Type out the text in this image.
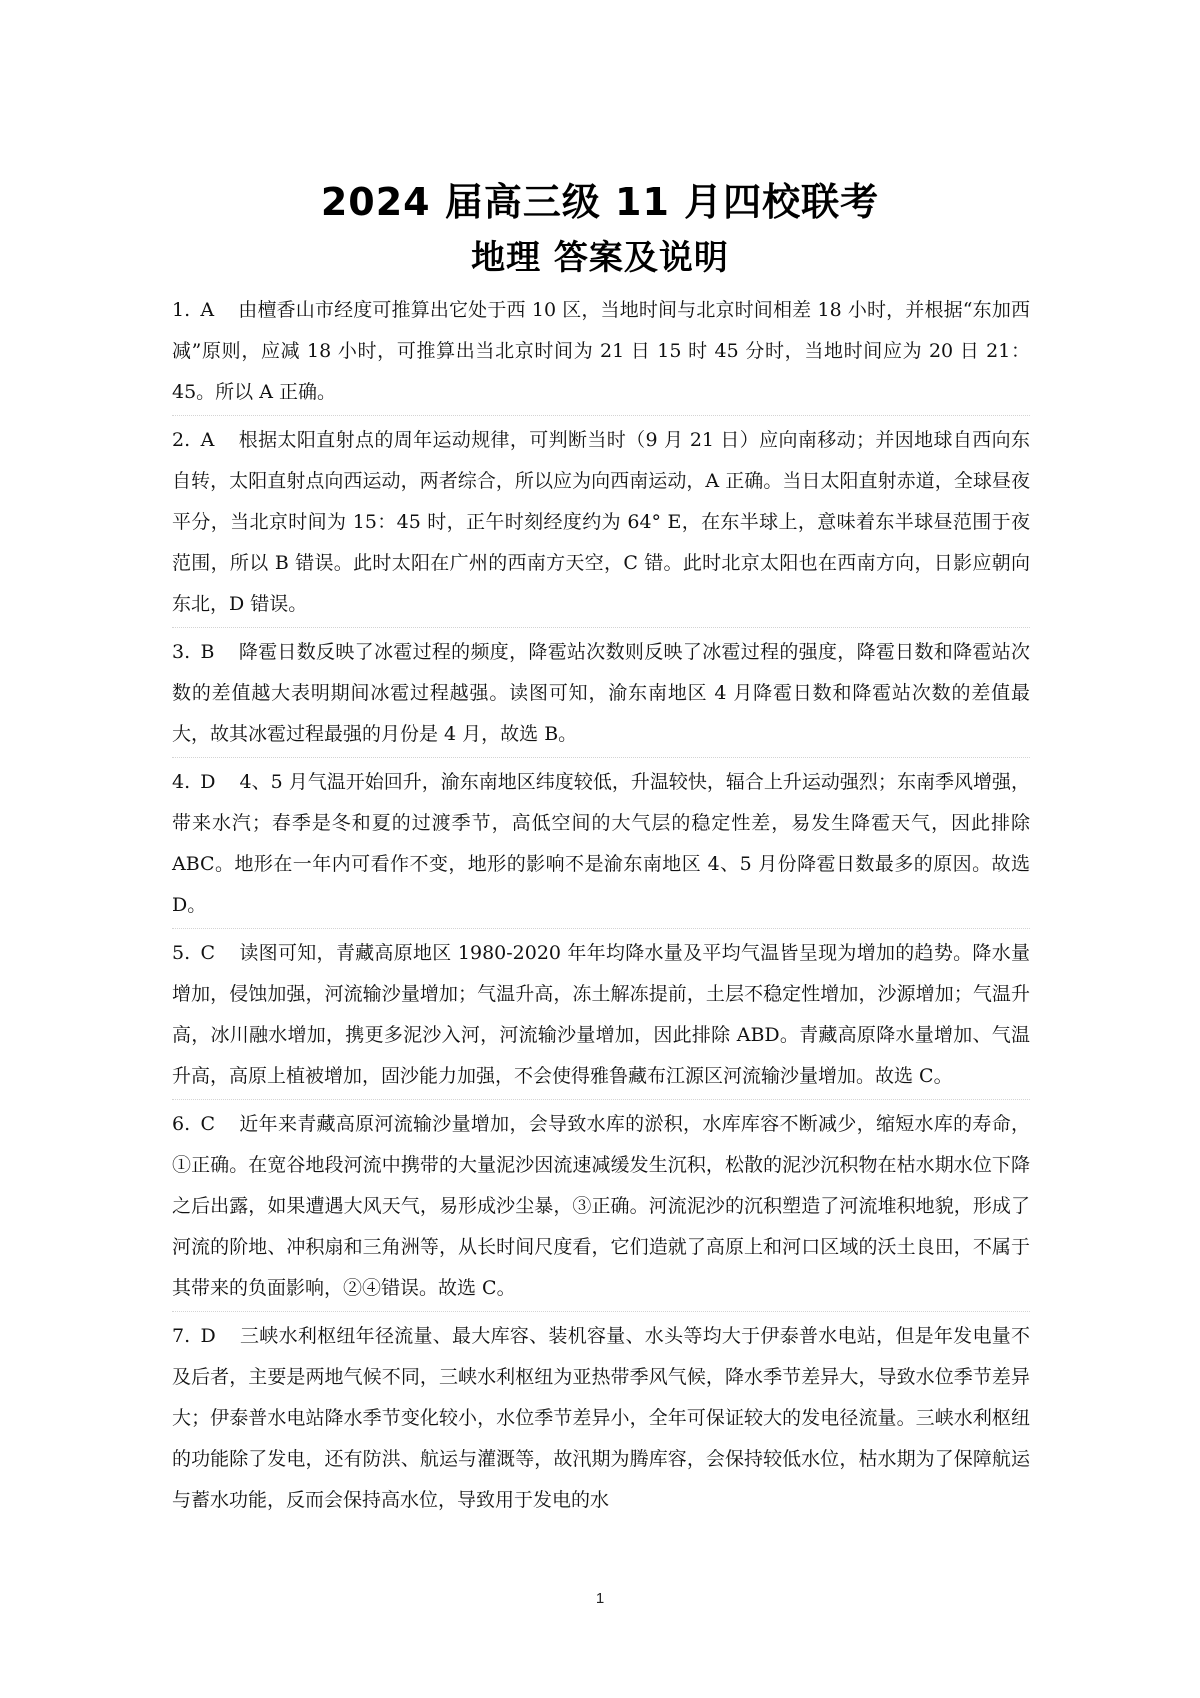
2024 届高三级 11 月四校联考
地理 答案及说明

1. A 由檀香山市经度可推算出它处于西 10 区，当地时间与北京时间相差 18 小时，并根据“东加西减”原则，应减 18 小时，可推算出当北京时间为 21 日 15 时 45 分时，当地时间应为 20 日 21：45。所以 A 正确。

2. A 根据太阳直射点的周年运动规律，可判断当时（9 月 21 日）应向南移动；并因地球自西向东自转，太阳直射点向西运动，两者综合，所以应为向西南运动，A 正确。当日太阳直射赤道，全球昼夜平分，当北京时间为 15：45 时，正午时刻经度约为 64° E，在东半球上，意味着东半球昼范围于夜范围，所以 B 错误。此时太阳在广州的西南方天空，C 错。此时北京太阳也在西南方向，日影应朝向东北，D 错误。

3. B 降雹日数反映了冰雹过程的频度，降雹站次数则反映了冰雹过程的强度，降雹日数和降雹站次数的差值越大表明期间冰雹过程越强。读图可知，渝东南地区 4 月降雹日数和降雹站次数的差值最大，故其冰雹过程最强的月份是 4 月，故选 B。

4. D 4、5 月气温开始回升，渝东南地区纬度较低，升温较快，辐合上升运动强烈；东南季风增强，带来水汽；春季是冬和夏的过渡季节，高低空间的大气层的稳定性差，易发生降雹天气，因此排除 ABC。地形在一年内可看作不变，地形的影响不是渝东南地区 4、5 月份降雹日数最多的原因。故选 D。

5. C 读图可知，青藏高原地区 1980-2020 年年均降水量及平均气温皆呈现为增加的趋势。降水量增加，侵蚀加强，河流输沙量增加；气温升高，冻土解冻提前，土层不稳定性增加，沙源增加；气温升高，冰川融水增加，携更多泥沙入河，河流输沙量增加，因此排除 ABD。青藏高原降水量增加、气温升高，高原上植被增加，固沙能力加强，不会使得雅鲁藏布江源区河流输沙量增加。故选 C。

6. C 近年来青藏高原河流输沙量增加，会导致水库的淤积，水库库容不断减少，缩短水库的寿命，①正确。在宽谷地段河流中携带的大量泥沙因流速减缓发生沉积，松散的泥沙沉积物在枯水期水位下降之后出露，如果遭遇大风天气，易形成沙尘暴，③正确。河流泥沙的沉积塑造了河流堆积地貌，形成了河流的阶地、冲积扇和三角洲等，从长时间尺度看，它们造就了高原上和河口区域的沃土良田，不属于其带来的负面影响，②④错误。故选 C。

7. D 三峡水利枢纽年径流量、最大库容、装机容量、水头等均大于伊泰普水电站，但是年发电量不及后者，主要是两地气候不同，三峡水利枢纽为亚热带季风气候，降水季节差异大，导致水位季节差异大；伊泰普水电站降水季节变化较小，水位季节差异小，全年可保证较大的发电径流量。三峡水利枢纽的功能除了发电，还有防洪、航运与灌溉等，故汛期为腾库容，会保持较低水位，枯水期为了保障航运与蓄水功能，反而会保持高水位，导致用于发电的水

1
